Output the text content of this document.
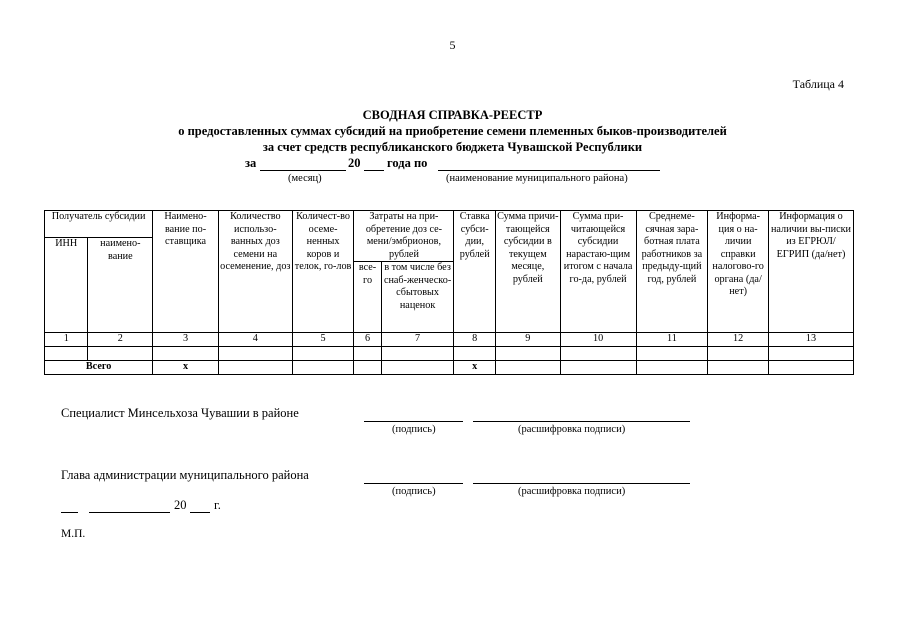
5
Таблица 4
СВОДНАЯ СПРАВКА-РЕЕСТР
о предоставленных суммах субсидий на приобретение семени племенных быков-производителей
за счет средств республиканского бюджета Чувашской Республики
за	20 года по
(месяц)	(наименование муниципального района)
Получатель субсидии		Наимено-вание по-ставщика	Количество использо-ванных доз семени на осеменение, доз	Количест-во осеме-ненных коров и телок, го-лов	Затраты на при-обретение доз се-мени/эмбрионов, рублей		Ставка субси-дии, рублей	Сумма причи-тающейся субсидии в текущем месяце, рублей	Сумма при-читающейся субсидии нарастаю-щим итогом с начала го-да, рублей	Среднеме-сячная зара-ботная плата работников за предыду-щий год, рублей	Информа-ция о на-личии справки налогово-го органа (да/нет)	Информация о наличии вы-писки из ЕГРЮЛ/ ЕГРИП (да/нет)
ИНН	наимено-вание											
					все-го	в том числе без снаб-женческо-сбытовых наценок						
1	2	3	4	5	6	7	8	9	10	11	12	13

Всего		х					х					
Специалист Минсельхоза Чувашии в районе
(подпись)	(расшифровка подписи)
Глава администрации муниципального района
(подпись)	(расшифровка подписи)
20 г.
М.П.
